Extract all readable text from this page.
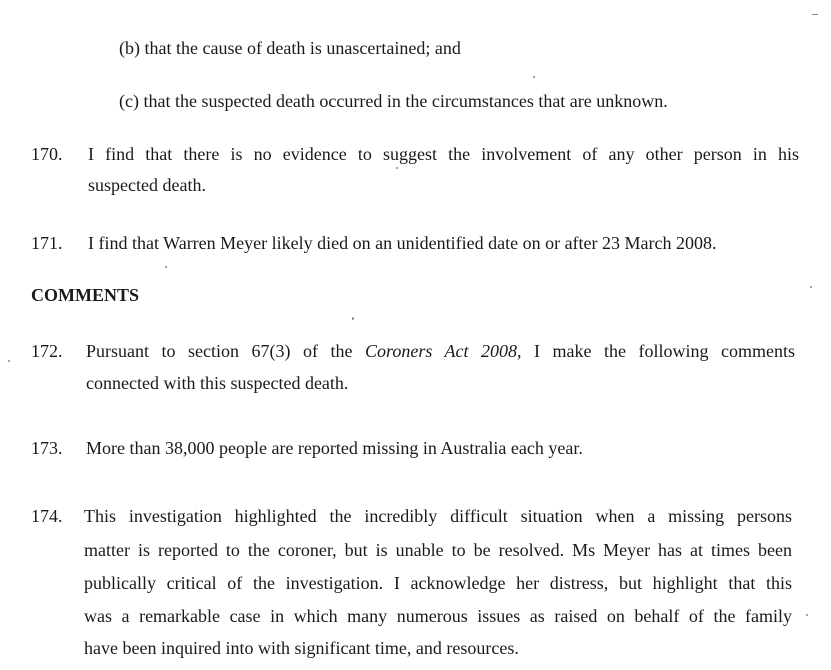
(b) that the cause of death is unascertained; and
(c) that the suspected death occurred in the circumstances that are unknown.
170. I find that there is no evidence to suggest the involvement of any other person in his
suspected death.
171. I find that Warren Meyer likely died on an unidentified date on or after 23 March 2008.
COMMENTS
172. Pursuant to section 67(3) of the Coroners Act 2008, I make the following comments
connected with this suspected death.
173. More than 38,000 people are reported missing in Australia each year.
174. This investigation highlighted the incredibly difficult situation when a missing persons
matter is reported to the coroner, but is unable to be resolved. Ms Meyer has at times been
publically critical of the investigation. I acknowledge her distress, but highlight that this
was a remarkable case in which many numerous issues as raised on behalf of the family
have been inquired into with significant time, and resources.
